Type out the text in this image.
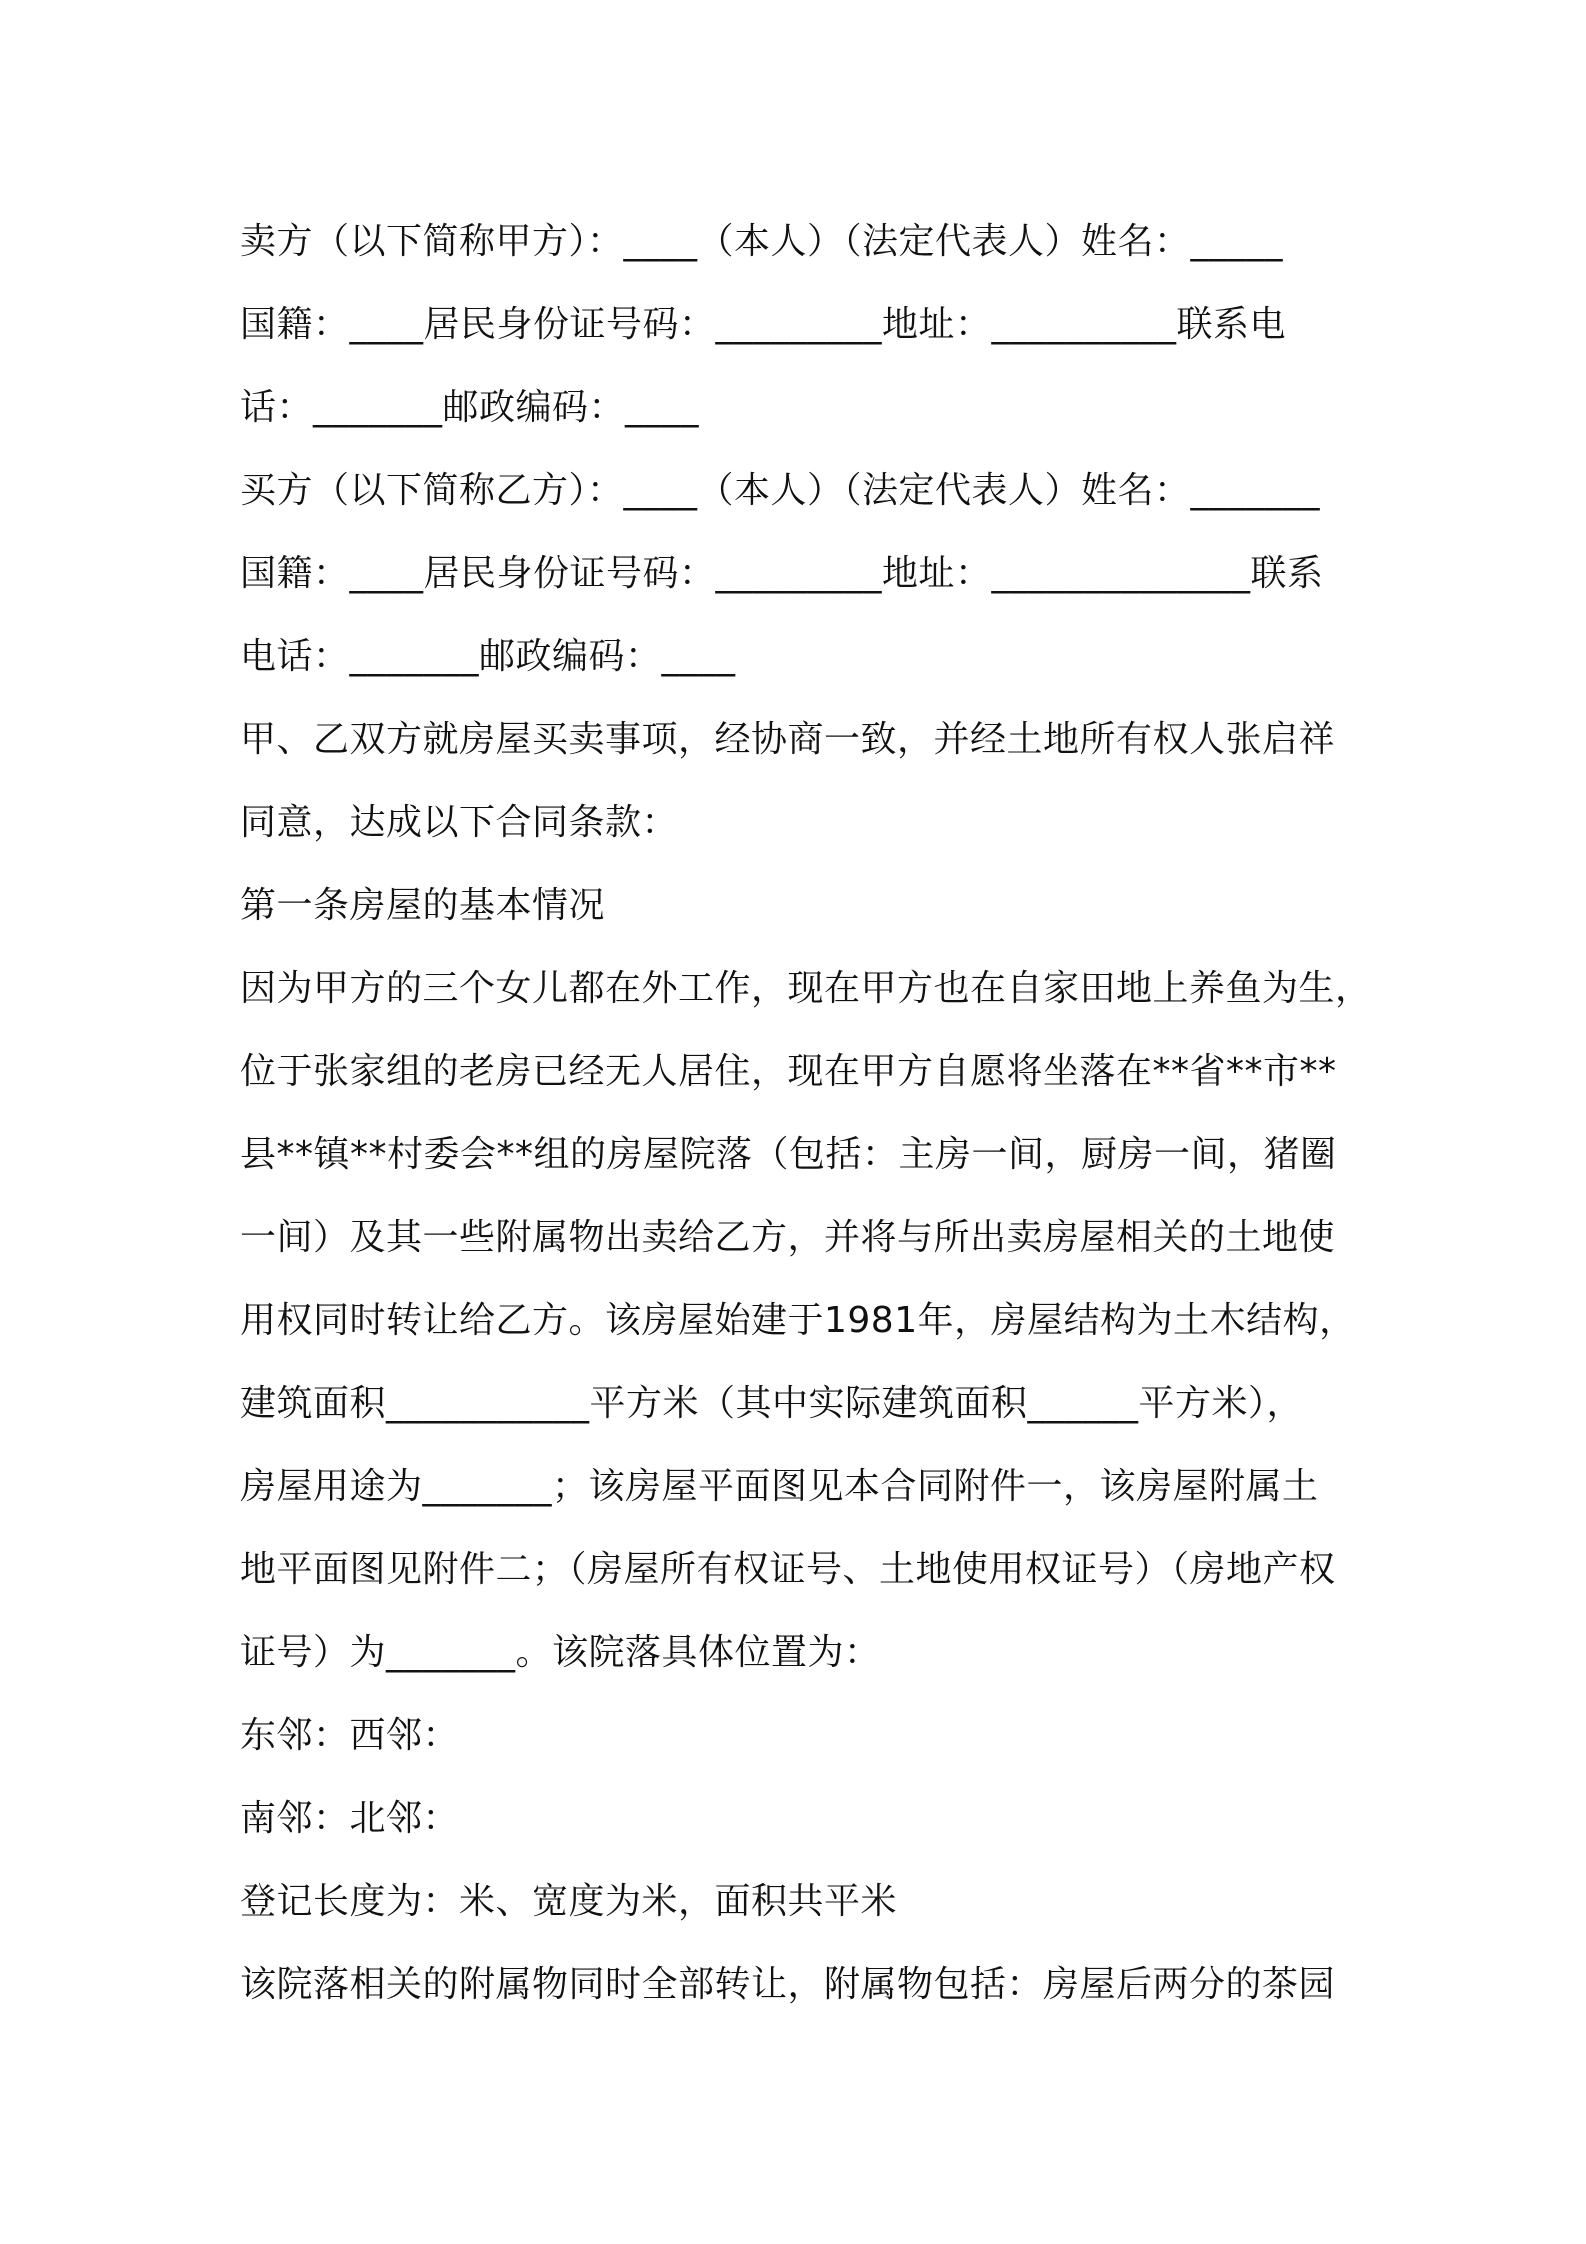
卖方（以下简称甲方）：____（本人）（法定代表人）姓名：_____
国籍：____居民身份证号码：_________地址：__________联系电
话：_______邮政编码：____
买方（以下简称乙方）：____（本人）（法定代表人）姓名：_______
国籍：____居民身份证号码：_________地址：______________联系
电话：_______邮政编码：____
甲、乙双方就房屋买卖事项，经协商一致，并经土地所有权人张启祥
同意，达成以下合同条款：
第一条房屋的基本情况
因为甲方的三个女儿都在外工作，现在甲方也在自家田地上养鱼为生，
位于张家组的老房已经无人居住，现在甲方自愿将坐落在**省**市**
县**镇**村委会**组的房屋院落（包括：主房一间，厨房一间，猪圈
一间）及其一些附属物出卖给乙方，并将与所出卖房屋相关的土地使
用权同时转让给乙方。该房屋始建于1981年，房屋结构为土木结构，
建筑面积___________平方米（其中实际建筑面积______平方米），
房屋用途为_______；该房屋平面图见本合同附件一，该房屋附属土
地平面图见附件二；（房屋所有权证号、土地使用权证号）（房地产权
证号）为_______。该院落具体位置为：
东邻：西邻：
南邻：北邻：
登记长度为：米、宽度为米，面积共平米
该院落相关的附属物同时全部转让，附属物包括：房屋后两分的茶园
